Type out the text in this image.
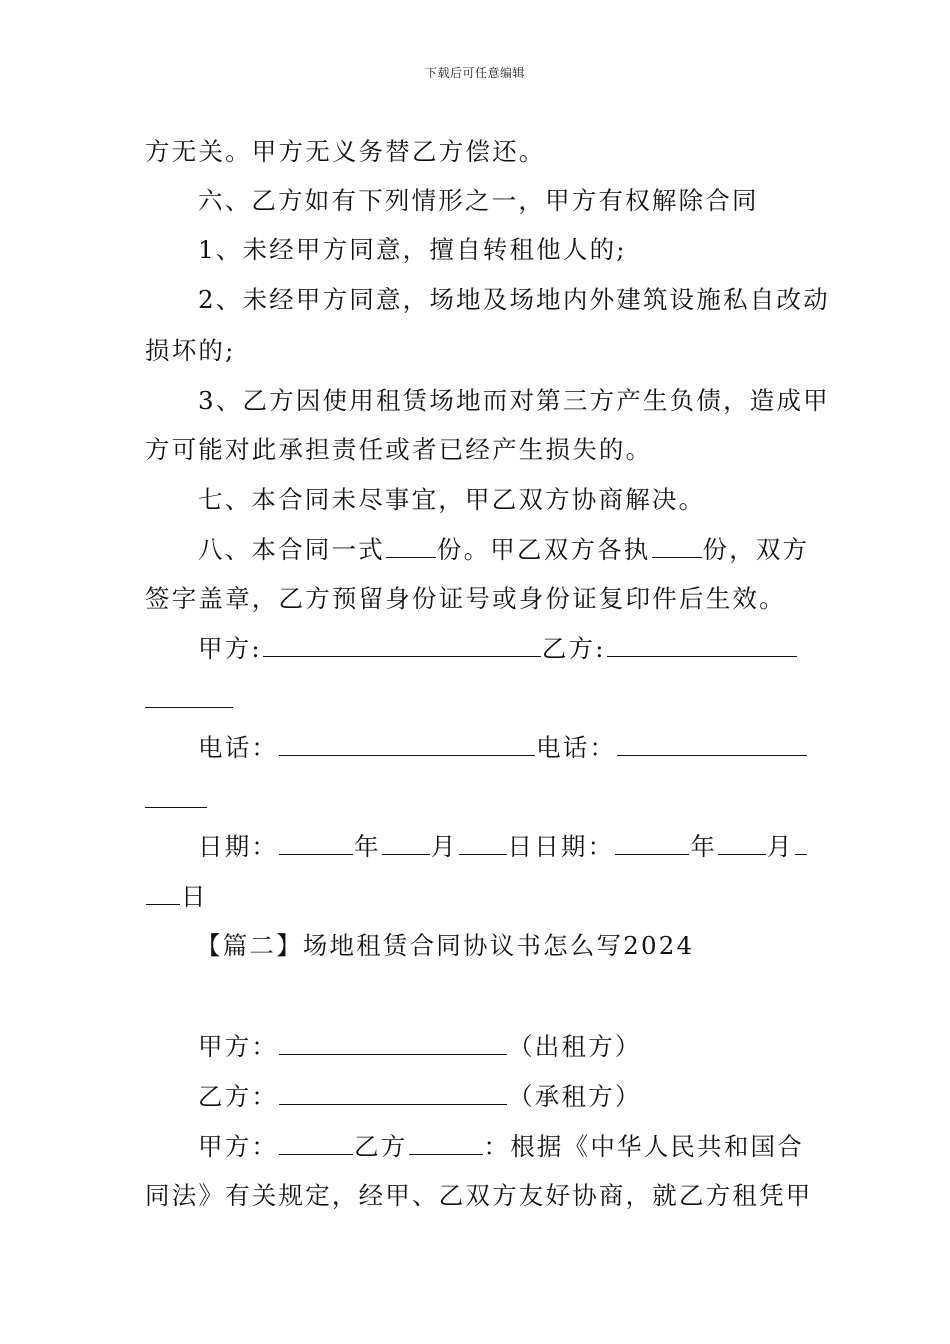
下载后可任意编辑
方无关。甲方无义务替乙方偿还。
六、乙方如有下列情形之一，甲方有权解除合同
1、未经甲方同意，擅自转租他人的;
2、未经甲方同意，场地及场地内外建筑设施私自改动
损坏的;
3、乙方因使用租赁场地而对第三方产生负债，造成甲
方可能对此承担责任或者已经产生损失的。
七、本合同未尽事宜，甲乙双方协商解决。
八、本合同一式 份。甲乙双方各执 份，双方
签字盖章，乙方预留身份证号或身份证复印件后生效。
甲方:	乙方:
电话：	电话：
日期：	年 月 日日期：	年 月
日
【篇二】场地租赁合同协议书怎么写2024
甲方：	（出租方）
乙方：	（承租方）
甲方：	乙方	：根据《中华人民共和国合
同法》有关规定，经甲、乙双方友好协商，就乙方租凭甲
